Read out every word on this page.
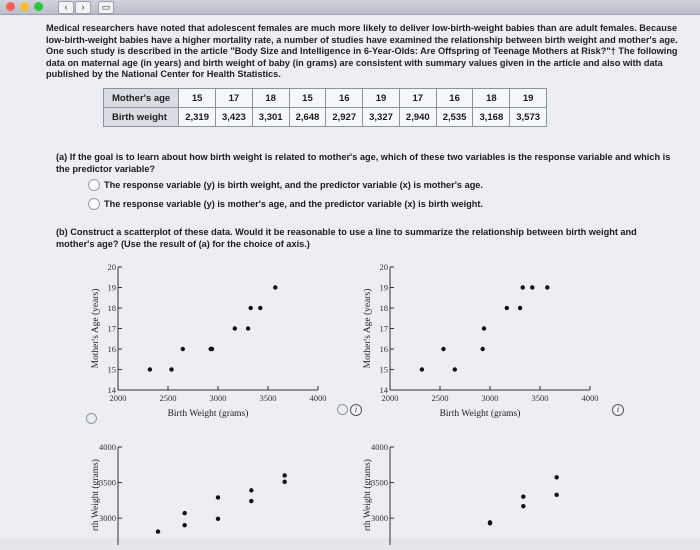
‹	›	▭
Medical researchers have noted that adolescent females are much more likely to deliver low-birth-weight babies than are adult females. Because low-birth-weight babies have a higher mortality rate, a number of studies have examined the relationship between birth weight and mother's age. One such study is described in the article "Body Size and Intelligence in 6-Year-Olds: Are Offspring of Teenage Mothers at Risk?"† The following data on maternal age (in years) and birth weight of baby (in grams) are consistent with summary values given in the article and also with data published by the National Center for Health Statistics.
Mother's age	15	17	18	15	16	19	17	16	18	19
Birth weight	2,319	3,423	3,301	2,648	2,927	3,327	2,940	2,535	3,168	3,573
(a) If the goal is to learn about how birth weight is related to mother's age, which of these two variables is the response variable and which is the predictor variable?
The response variable (y) is birth weight, and the predictor variable (x) is mother's age.
The response variable (y) is mother's age, and the predictor variable (x) is birth weight.
(b) Construct a scatterplot of these data. Would it be reasonable to use a line to summarize the relationship between birth weight and mother's age? (Use the result of (a) for the choice of axis.)
14
15
16
17
18
19
20
2000	2500	3000	3500	4000
Birth Weight (grams)
Mother's Age (years)
14
15
16
17
18
19
20
2000	2500	3000	3500	4000
Birth Weight (grams)
Mother's Age (years)
3000
3500
4000
rth Weight (grams)	3000
3500
4000
rth Weight (grams)
i	i
